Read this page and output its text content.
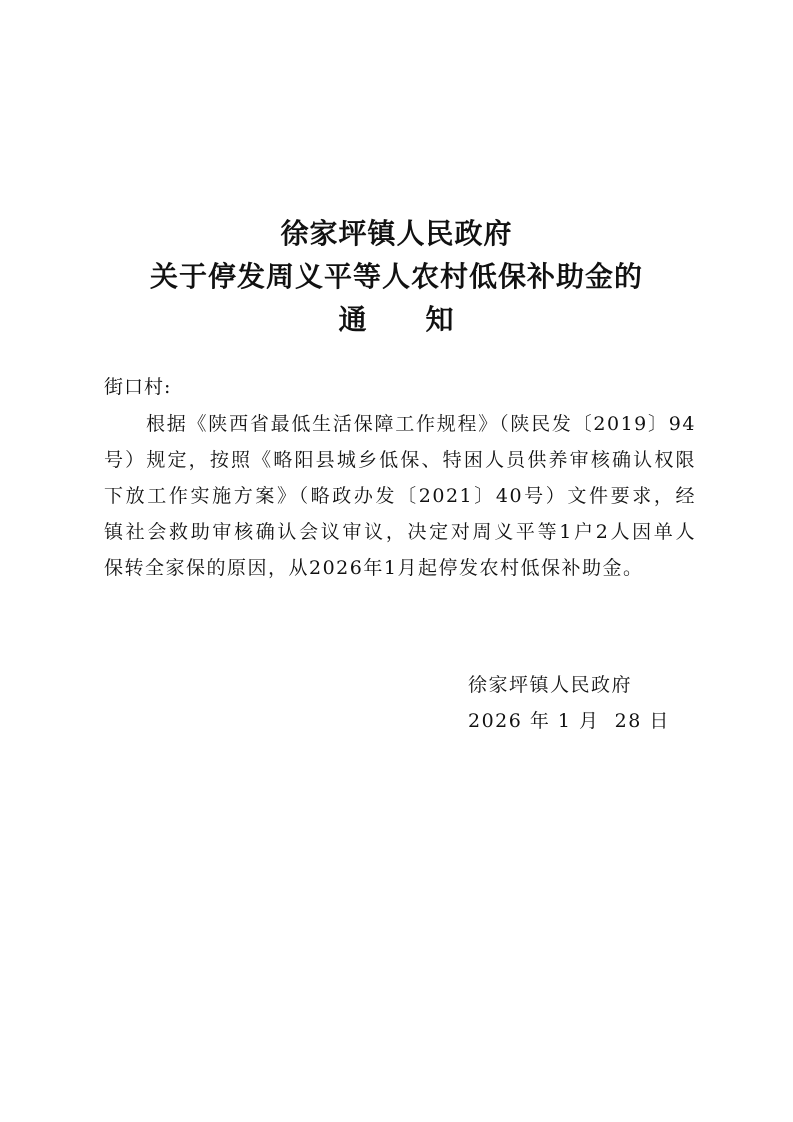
徐家坪镇人民政府
关于停发周义平等人农村低保补助金的
通 知
街口村:
根据《陕西省最低生活保障工作规程》（陕民发〔2019〕94
号）规定，按照《略阳县城乡低保、特困人员供养审核确认权限
下放工作实施方案》（略政办发〔2021〕40号）文件要求，经
镇社会救助审核确认会议审议，决定对周义平等1户2人因单人
保转全家保的原因，从2026年1月起停发农村低保补助金。
徐家坪镇人民政府
2026 年 1 月  28 日
